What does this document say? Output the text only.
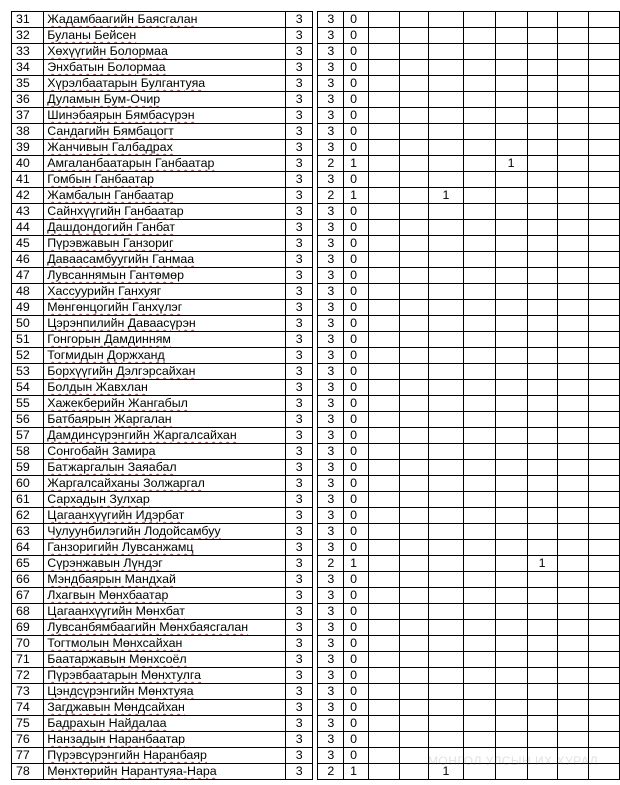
31	Жадамбаагийн Баясгалан	3		3	0								
32	Буланы Бейсен	3		3	0								
33	Хөхүүгийн Болормаа	3		3	0								
34	Энхбатын Болормаа	3		3	0								
35	Хүрэлбаатарын Булгантуяа	3		3	0								
36	Дуламын Бум-Очир	3		3	0								
37	Шинэбаярын Бямбасүрэн	3		3	0								
38	Сандагийн Бямбацогт	3		3	0								
39	Жанчивын Галбадрах	3		3	0								
40	Амгаланбаатарын Ганбаатар	3		2	1					1			
41	Гомбын Ганбаатар	3		3	0								
42	Жамбалын Ганбаатар	3		2	1			1					
43	Сайнхүүгийн Ганбаатар	3		3	0								
44	Дашдондогийн Ганбат	3		3	0								
45	Пүрэвжавын Ганзориг	3		3	0								
46	Даваасамбуугийн Ганмаа	3		3	0								
47	Лувсаннямын Гантөмөр	3		3	0								
48	Хассуурийн Ганхуяг	3		3	0								
49	Мөнгөнцогийн Ганхүлэг	3		3	0								
50	Цэрэнпилийн Даваасүрэн	3		3	0								
51	Гонгорын Дамдинням	3		3	0								
52	Тогмидын Доржханд	3		3	0								
53	Борхүүгийн Дэлгэрсайхан	3		3	0								
54	Болдын Жавхлан	3		3	0								
55	Хажекберийн Жангабыл	3		3	0								
56	Батбаярын Жаргалан	3		3	0								
57	Дамдинсүрэнгийн Жаргалсайхан	3		3	0								
58	Сонгобайн Замира	3		3	0								
59	Батжаргалын Заяабал	3		3	0								
60	Жаргалсайханы Золжаргал	3		3	0								
61	Сархадын Зулхар	3		3	0								
62	Цагаанхүүгийн Идэрбат	3		3	0								
63	Чулуунбилэгийн Лодойсамбуу	3		3	0								
64	Ганзоригийн Лувсанжамц	3		3	0								
65	Сүрэнжавын Лүндэг	3		2	1						1		
66	Мэндбаярын Мандхай	3		3	0								
67	Лхагвын Мөнхбаатар	3		3	0								
68	Цагаанхүүгийн Мөнхбат	3		3	0								
69	Лувсанбямбаагийн Мөнхбаясгалан	3		3	0								
70	Тогтмолын Мөнхсайхан	3		3	0								
71	Баатаржавын Мөнхсоёл	3		3	0								
72	Пүрэвбаатарын Мөнхтулга	3		3	0								
73	Цэндсүрэнгийн Мөнхтуяа	3		3	0								
74	Загджавын Мөндсайхан	3		3	0								
75	Бадрахын Найдалаа	3		3	0								
76	Нанзадын Наранбаатар	3		3	0								
77	Пүрэвсүрэнгийн Наранбаяр	3		3	0								
78	Мөнхтөрийн Нарантуяа-Нара	3		2	1			1					
МОНГОЛ УЛСЫН ИХ ХУРАЛ
